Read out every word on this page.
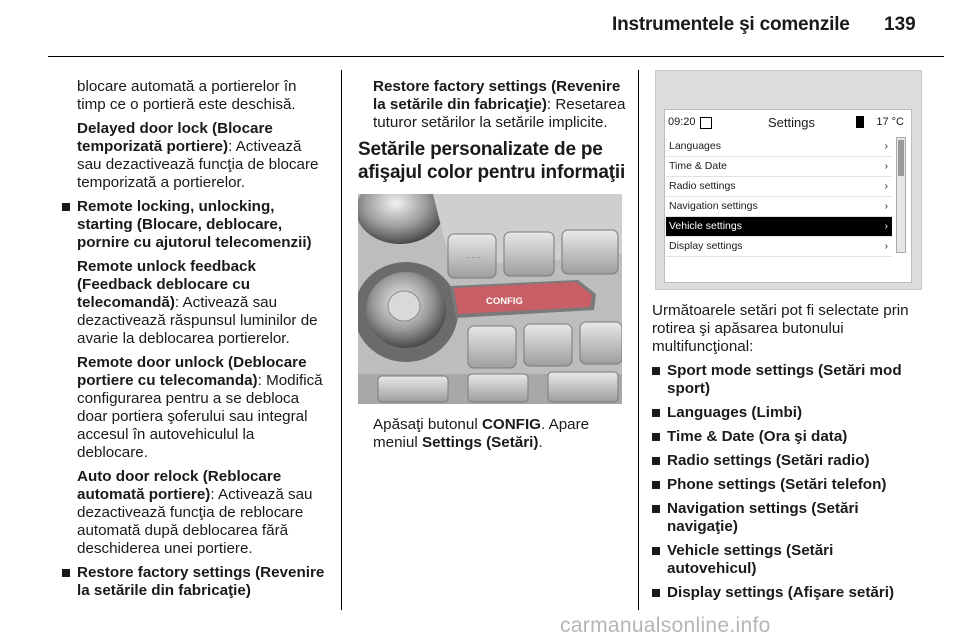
Instrumentele şi comenzile 139

blocare automată a portierelor în timp ce o portieră este deschisă.

Delayed door lock (Blocare temporizată portiere): Activează sau dezactivează funcţia de blocare temporizată a portierelor.

Remote locking, unlocking, starting (Blocare, deblocare, pornire cu ajutorul telecomenzii)

Remote unlock feedback (Feedback deblocare cu telecomandă): Activează sau dezactivează răspunsul luminilor de avarie la deblocarea portierelor.

Remote door unlock (Deblocare portiere cu telecomanda): Modifică configurarea pentru a se debloca doar portiera şoferului sau integral accesul în autovehiculul la deblocare.

Auto door relock (Reblocare automată portiere): Activează sau dezactivează funcţia de reblocare automată după deblocarea fără deschiderea unei portiere.

Restore factory settings (Revenire la setările din fabricaţie)

Restore factory settings (Revenire la setările din fabricaţie): Resetarea tuturor setărilor la setările implicite.

Setările personalizate de pe afişajul color pentru informaţii
· · ·
CONFIG

Apăsaţi butonul CONFIG. Apare meniul Settings (Setări).

09:20	Settings	17 °C
Languages	›
Time & Date	›
Radio settings	›
Navigation settings	›
Vehicle settings	›
Display settings	›

Următoarele setări pot fi selectate prin rotirea şi apăsarea butonului multifuncţional:

Sport mode settings (Setări mod sport)

Languages (Limbi)

Time & Date (Ora şi data)

Radio settings (Setări radio)

Phone settings (Setări telefon)

Navigation settings (Setări navigaţie)

Vehicle settings (Setări autovehicul)

Display settings (Afişare setări)

carmanualsonline.info
